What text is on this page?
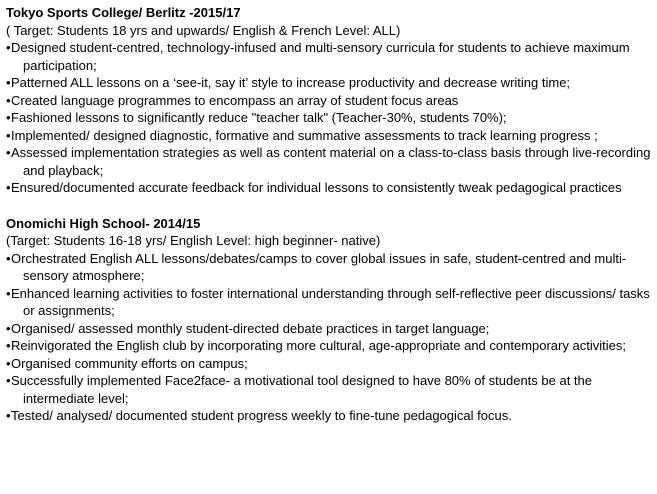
Tokyo Sports College/ Berlitz -2015/17

( Target: Students 18 yrs and upwards/ English & French Level: ALL)

•Designed student-centred, technology-infused and multi-sensory curricula for students to achieve maximum participation;
•Patterned ALL lessons on a ‘see-it, say it’ style to increase productivity and decrease writing time;
•Created language programmes to encompass an array of student focus areas
•Fashioned lessons to significantly reduce "teacher talk" (Teacher-30%, students 70%);
•Implemented/ designed diagnostic, formative and summative assessments to track learning progress ;
•Assessed implementation strategies as well as content material on a class-to-class basis through live-recording and playback;
•Ensured/documented accurate feedback for individual lessons to consistently tweak pedagogical practices

Onomichi High School- 2014/15

(Target: Students 16-18 yrs/ English Level: high beginner- native)

•Orchestrated English ALL lessons/debates/camps to cover global issues in safe, student-centred and multi-sensory atmosphere;
•Enhanced learning activities to foster international understanding through self-reflective peer discussions/ tasks or assignments;
•Organised/ assessed monthly student-directed debate practices in target language;
•Reinvigorated the English club by incorporating more cultural, age-appropriate and contemporary activities;
•Organised community efforts on campus;
•Successfully implemented Face2face- a motivational tool designed to have 80% of students be at the intermediate level;
•Tested/ analysed/ documented student progress weekly to fine-tune pedagogical focus.
